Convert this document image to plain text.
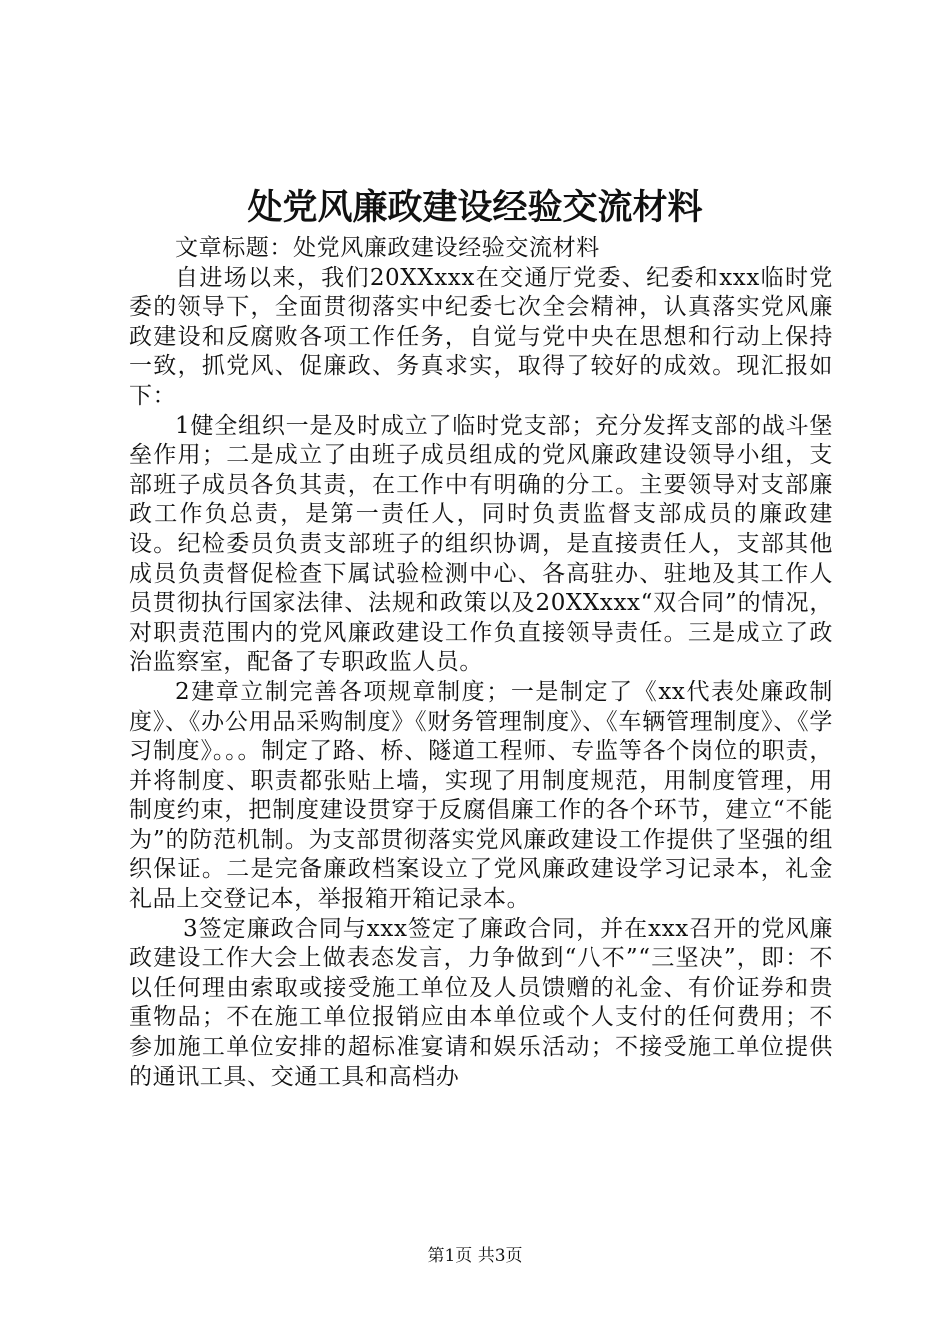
处党风廉政建设经验交流材料

文章标题：处党风廉政建设经验交流材料

自进场以来，我们20XXxxx在交通厅党委、纪委和xxx临时党委的领导下，全面贯彻落实中纪委七次全会精神，认真落实党风廉政建设和反腐败各项工作任务，自觉与党中央在思想和行动上保持一致，抓党风、促廉政、务真求实，取得了较好的成效。现汇报如下：

1健全组织一是及时成立了临时党支部；充分发挥支部的战斗堡垒作用；二是成立了由班子成员组成的党风廉政建设领导小组，支部班子成员各负其责，在工作中有明确的分工。主要领导对支部廉政工作负总责，是第一责任人，同时负责监督支部成员的廉政建设。纪检委员负责支部班子的组织协调，是直接责任人，支部其他成员负责督促检查下属试验检测中心、各高驻办、驻地及其工作人员贯彻执行国家法律、法规和政策以及20XXxxx“双合同”的情况，对职责范围内的党风廉政建设工作负直接领导责任。三是成立了政治监察室，配备了专职政监人员。

2建章立制完善各项规章制度；一是制定了《xx代表处廉政制度》、《办公用品采购制度》《财务管理制度》、《车辆管理制度》、《学习制度》。。。制定了路、桥、隧道工程师、专监等各个岗位的职责，并将制度、职责都张贴上墙，实现了用制度规范，用制度管理，用制度约束，把制度建设贯穿于反腐倡廉工作的各个环节，建立“不能为”的防范机制。为支部贯彻落实党风廉政建设工作提供了坚强的组织保证。二是完备廉政档案设立了党风廉政建设学习记录本，礼金礼品上交登记本，举报箱开箱记录本。

3签定廉政合同与xxx签定了廉政合同，并在xxx召开的党风廉政建设工作大会上做表态发言，力争做到“八不”“三坚决”，即：不以任何理由索取或接受施工单位及人员馈赠的礼金、有价证券和贵重物品；不在施工单位报销应由本单位或个人支付的任何费用；不参加施工单位安排的超标准宴请和娱乐活动；不接受施工单位提供的通讯工具、交通工具和高档办

第1页 共3页
